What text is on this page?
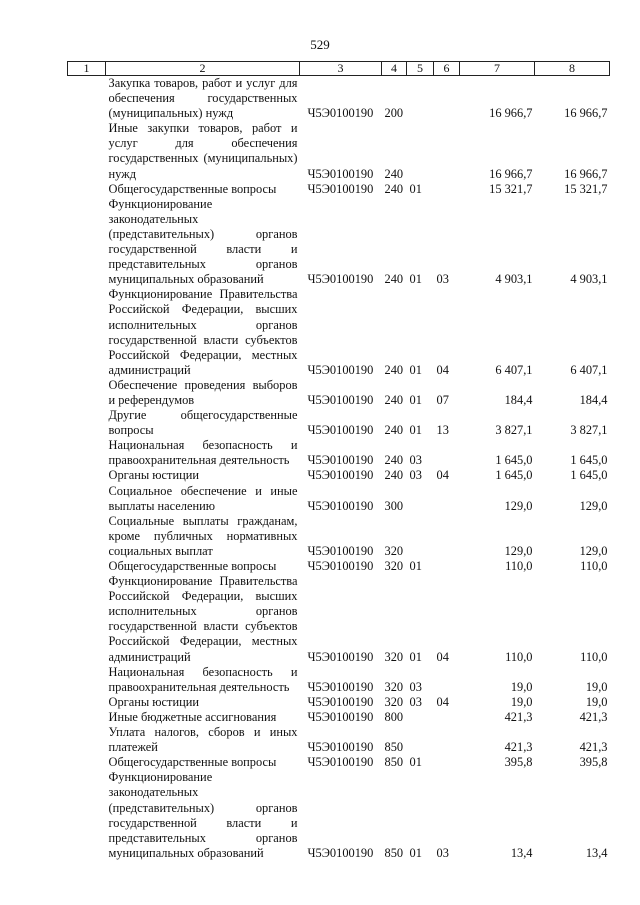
529
1	2	3	4	5	6	7	8
	Закупка товаров, работ и услуг для обеспечения государственных (муниципальных) нужд	Ч5Э0100190	200			16 966,7	16 966,7
	Иные закупки товаров, работ и услуг для обеспечения государственных (муниципальных) нужд	Ч5Э0100190	240			16 966,7	16 966,7
	Общегосударственные вопросы	Ч5Э0100190	240	01		15 321,7	15 321,7
	Функционирование законодательных (представительных) органов государственной власти и представительных органов муниципальных образований	Ч5Э0100190	240	01	03	4 903,1	4 903,1
	Функционирование Правительства Российской Федерации, высших исполнительных органов государственной власти субъектов Российской Федерации, местных администраций	Ч5Э0100190	240	01	04	6 407,1	6 407,1
	Обеспечение проведения выборов и референдумов	Ч5Э0100190	240	01	07	184,4	184,4
	Другие общегосударственные вопросы	Ч5Э0100190	240	01	13	3 827,1	3 827,1
	Национальная безопасность и правоохранительная деятельность	Ч5Э0100190	240	03		1 645,0	1 645,0
	Органы юстиции	Ч5Э0100190	240	03	04	1 645,0	1 645,0
	Социальное обеспечение и иные выплаты населению	Ч5Э0100190	300			129,0	129,0
	Социальные выплаты гражданам, кроме публичных нормативных социальных выплат	Ч5Э0100190	320			129,0	129,0
	Общегосударственные вопросы	Ч5Э0100190	320	01		110,0	110,0
	Функционирование Правительства Российской Федерации, высших исполнительных органов государственной власти субъектов Российской Федерации, местных администраций	Ч5Э0100190	320	01	04	110,0	110,0
	Национальная безопасность и правоохранительная деятельность	Ч5Э0100190	320	03		19,0	19,0
	Органы юстиции	Ч5Э0100190	320	03	04	19,0	19,0
	Иные бюджетные ассигнования	Ч5Э0100190	800			421,3	421,3
	Уплата налогов, сборов и иных платежей	Ч5Э0100190	850			421,3	421,3
	Общегосударственные вопросы	Ч5Э0100190	850	01		395,8	395,8
	Функционирование законодательных (представительных) органов государственной власти и представительных органов муниципальных образований	Ч5Э0100190	850	01	03	13,4	13,4
